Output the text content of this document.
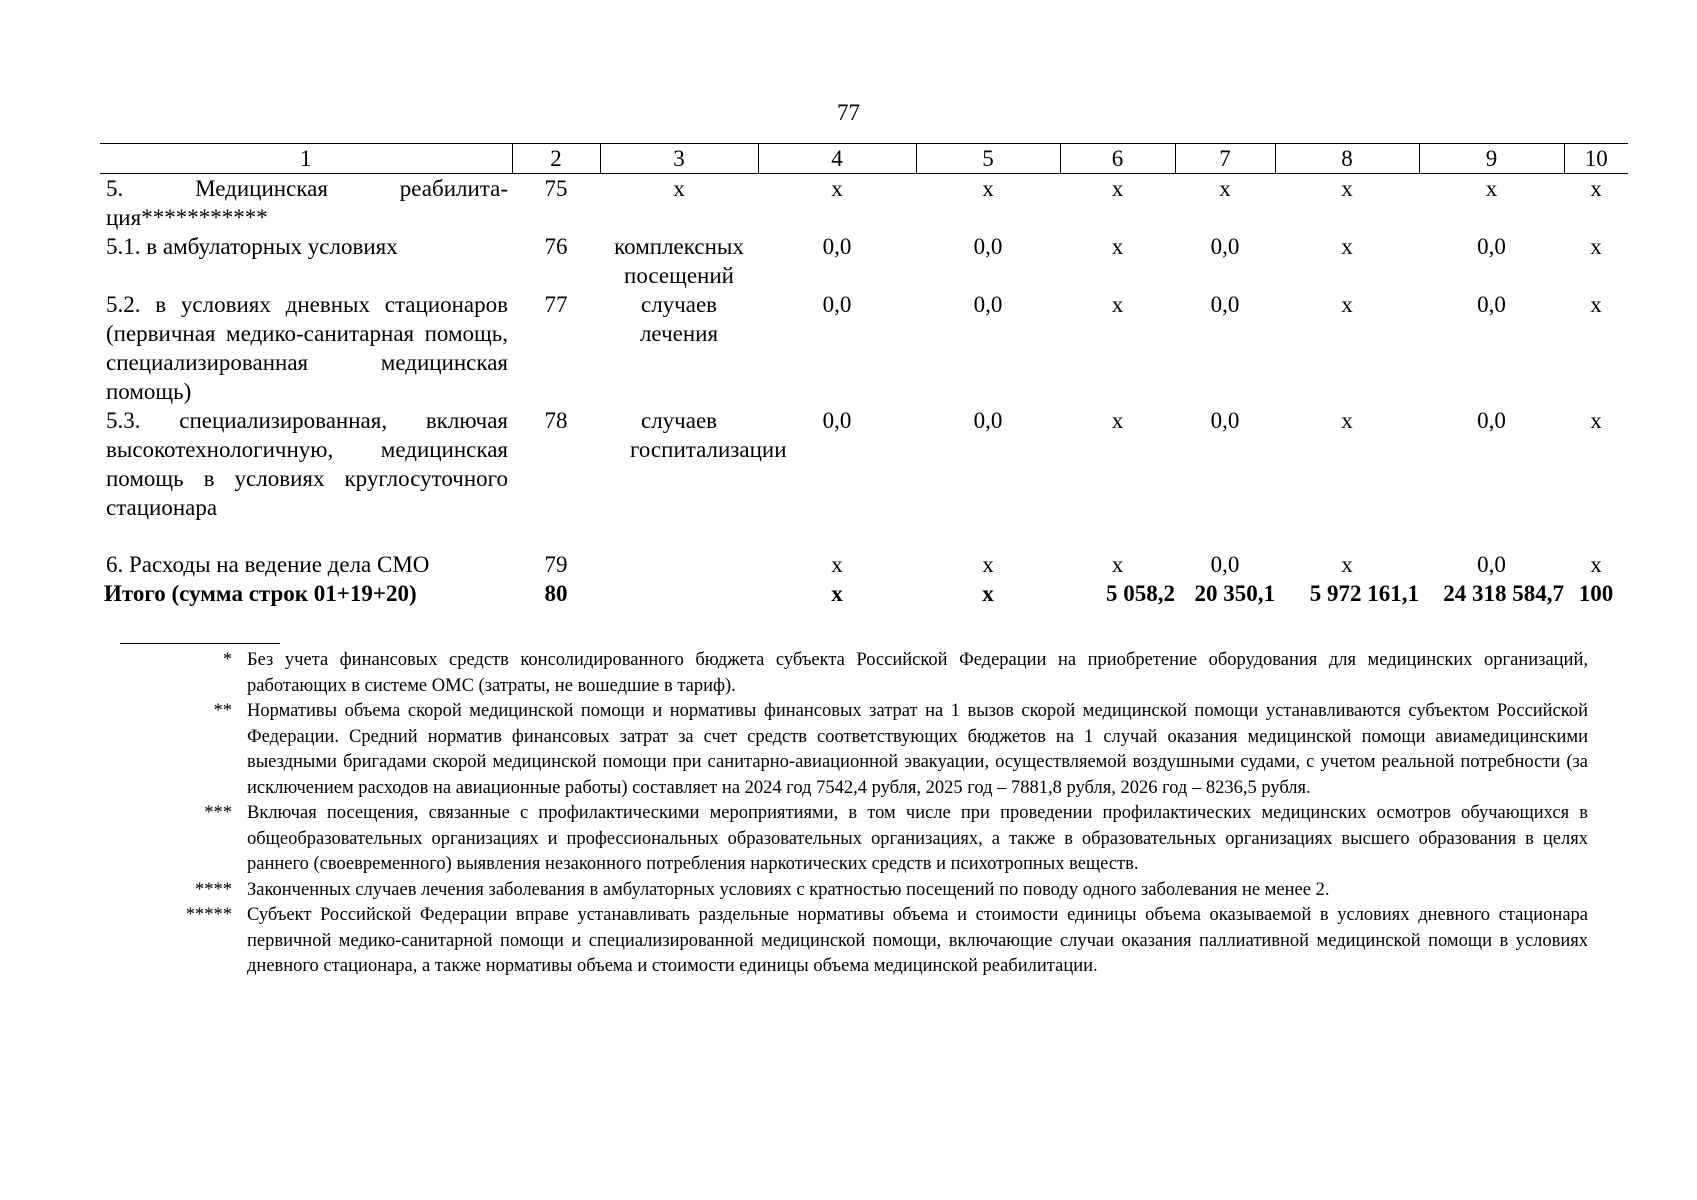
77
1	2	3	4	5	6	7	8	9	10

5. Медицинская реабилита-
ция***********	75	х	х	х	х	х	х	х	х
5.1. в амбулаторных условиях	76	комплексных посещений	0,0	0,0	х	0,0	х	0,0	х
5.2. в условиях дневных стационаров (первичная медико-санитарная помощь, специализированная медицинская помощь)	77	случаев лечения	0,0	0,0	х	0,0	х	0,0	х
5.3. специализированная, включая высокотехнологичную, медицинская помощь в условиях круглосуточного стационара	78	случаев госпитализации	0,0	0,0	х	0,0	х	0,0	х

6. Расходы на ведение дела СМО	79		х	х	х	0,0	х	0,0	х
Итого (сумма строк 01+19+20)	80		х	х	5 058,2	20 350,1	5 972 161,1	24 318 584,7	100
* Без учета финансовых средств консолидированного бюджета субъекта Российской Федерации на приобретение оборудования для медицинских организаций, работающих в системе ОМС (затраты, не вошедшие в тариф).
** Нормативы объема скорой медицинской помощи и нормативы финансовых затрат на 1 вызов скорой медицинской помощи устанавливаются субъектом Российской Федерации. Средний норматив финансовых затрат за счет средств соответствующих бюджетов на 1 случай оказания медицинской помощи авиамедицинскими выездными бригадами скорой медицинской помощи при санитарно-авиационной эвакуации, осуществляемой воздушными судами, с учетом реальной потребности (за исключением расходов на авиационные работы) составляет на 2024 год 7542,4 рубля, 2025 год – 7881,8 рубля, 2026 год – 8236,5 рубля.
*** Включая посещения, связанные с профилактическими мероприятиями, в том числе при проведении профилактических медицинских осмотров обучающихся в общеобразовательных организациях и профессиональных образовательных организациях, а также в образовательных организациях высшего образования в целях раннего (своевременного) выявления незаконного потребления наркотических средств и психотропных веществ.
**** Законченных случаев лечения заболевания в амбулаторных условиях с кратностью посещений по поводу одного заболевания не менее 2.
***** Субъект Российской Федерации вправе устанавливать раздельные нормативы объема и стоимости единицы объема оказываемой в условиях дневного стационара первичной медико-санитарной помощи и специализированной медицинской помощи, включающие случаи оказания паллиативной медицинской помощи в условиях дневного стационара, а также нормативы объема и стоимости единицы объема медицинской реабилитации.
